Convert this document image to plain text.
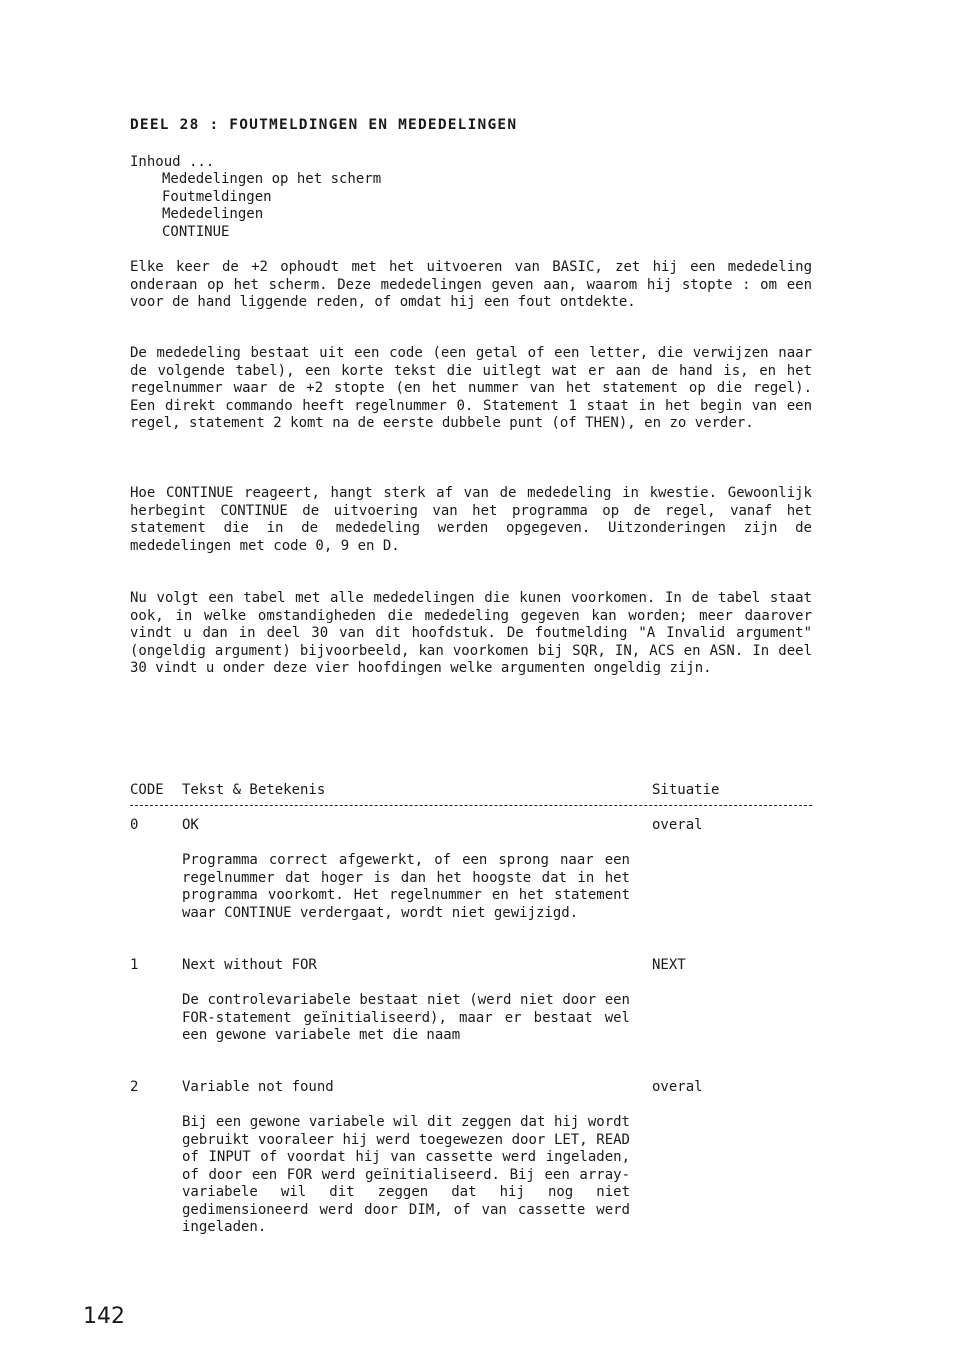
DEEL 28 : FOUTMELDINGEN EN MEDEDELINGEN
Inhoud ...
Mededelingen op het scherm
Foutmeldingen
Mededelingen
CONTINUE
Elke keer de +2 ophoudt met het uitvoeren van BASIC, zet hij een mededeling onderaan op het scherm. Deze mededelingen geven aan, waarom hij stopte : om een voor de hand liggende reden, of omdat hij een fout ontdekte.
De mededeling bestaat uit een code (een getal of een letter, die verwijzen naar de volgende tabel), een korte tekst die uitlegt wat er aan de hand is, en het regelnummer waar de +2 stopte (en het nummer van het statement op die regel). Een direkt commando heeft regelnummer 0. Statement 1 staat in het begin van een regel, statement 2 komt na de eerste dubbele punt (of THEN), en zo verder.
Hoe CONTINUE reageert, hangt sterk af van de mededeling in kwestie. Gewoonlijk herbegint CONTINUE de uitvoering van het programma op de regel, vanaf het statement die in de mededeling werden opgegeven. Uitzonderingen zijn de mededelingen met code 0, 9 en D.
Nu volgt een tabel met alle mededelingen die kunen voorkomen. In de tabel staat ook, in welke omstandigheden die mededeling gegeven kan worden; meer daarover vindt u dan in deel 30 van dit hoofdstuk. De foutmelding "A Invalid argument" (ongeldig argument) bijvoorbeeld, kan voorkomen bij SQR, IN, ACS en ASN. In deel 30 vindt u onder deze vier hoofdingen welke argumenten ongeldig zijn.
CODE Tekst & Betekenis	Situatie
0	OK	overal
Programma correct afgewerkt, of een sprong naar een regelnummer dat hoger is dan het hoogste dat in het programma voorkomt. Het regelnummer en het statement waar CONTINUE verdergaat, wordt niet gewijzigd.
1	Next without FOR	NEXT
De controlevariabele bestaat niet (werd niet door een FOR-statement geïnitialiseerd), maar er bestaat wel een gewone variabele met die naam
2	Variable not found	overal
Bij een gewone variabele wil dit zeggen dat hij wordt gebruikt vooraleer hij werd toegewezen door LET, READ of INPUT of voordat hij van cassette werd ingeladen, of door een FOR werd geïnitialiseerd. Bij een array-variabele wil dit zeggen dat hij nog niet gedimensioneerd werd door DIM, of van cassette werd ingeladen.
142
